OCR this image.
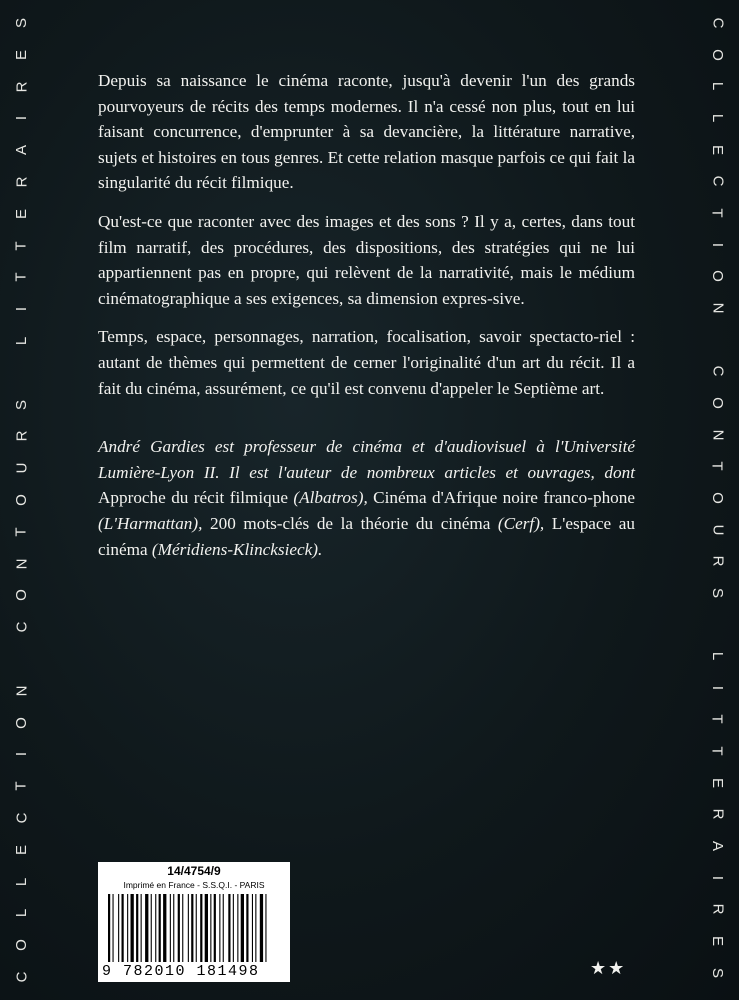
C
O
L
L
E
C
T
I
O
N

C
O
N
T
O
U
R
S

L
I
T
T
E
R
A
I
R
E
S	C
O
L
L
E
C
T
I
O
N

C
O
N
T
O
U
R
S

L
I
T
T
E
R
A
I
R
E
S

Depuis sa naissance le cinéma raconte, jusqu'à devenir l'un des grands pourvoyeurs de récits des temps modernes. Il n'a cessé non plus, tout en lui faisant concurrence, d'emprunter à sa devancière, la littérature narrative, sujets et histoires en tous genres. Et cette relation masque parfois ce qui fait la singularité du récit filmique.

Qu'est-ce que raconter avec des images et des sons ? Il y a, certes, dans tout film narratif, des procédures, des dispositions, des stratégies qui ne lui appartiennent pas en propre, qui relèvent de la narrativité, mais le médium cinématographique a ses exigences, sa dimension expres-sive.

Temps, espace, personnages, narration, focalisation, savoir spectacto-riel : autant de thèmes qui permettent de cerner l'originalité d'un art du récit. Il a fait du cinéma, assurément, ce qu'il est convenu d'appeler le Septième art.

André Gardies est professeur de cinéma et d'audiovisuel à l'Université Lumière-Lyon II. Il est l'auteur de nombreux articles et ouvrages, dont Approche du récit filmique (Albatros), Cinéma d'Afrique noire franco-phone (L'Harmattan), 200 mots-clés de la théorie du cinéma (Cerf), L'espace au cinéma (Méridiens-Klincksieck).

14/4754/9
Imprimé en France - S.S.Q.I. - PARIS
9 782010 181498	★★
